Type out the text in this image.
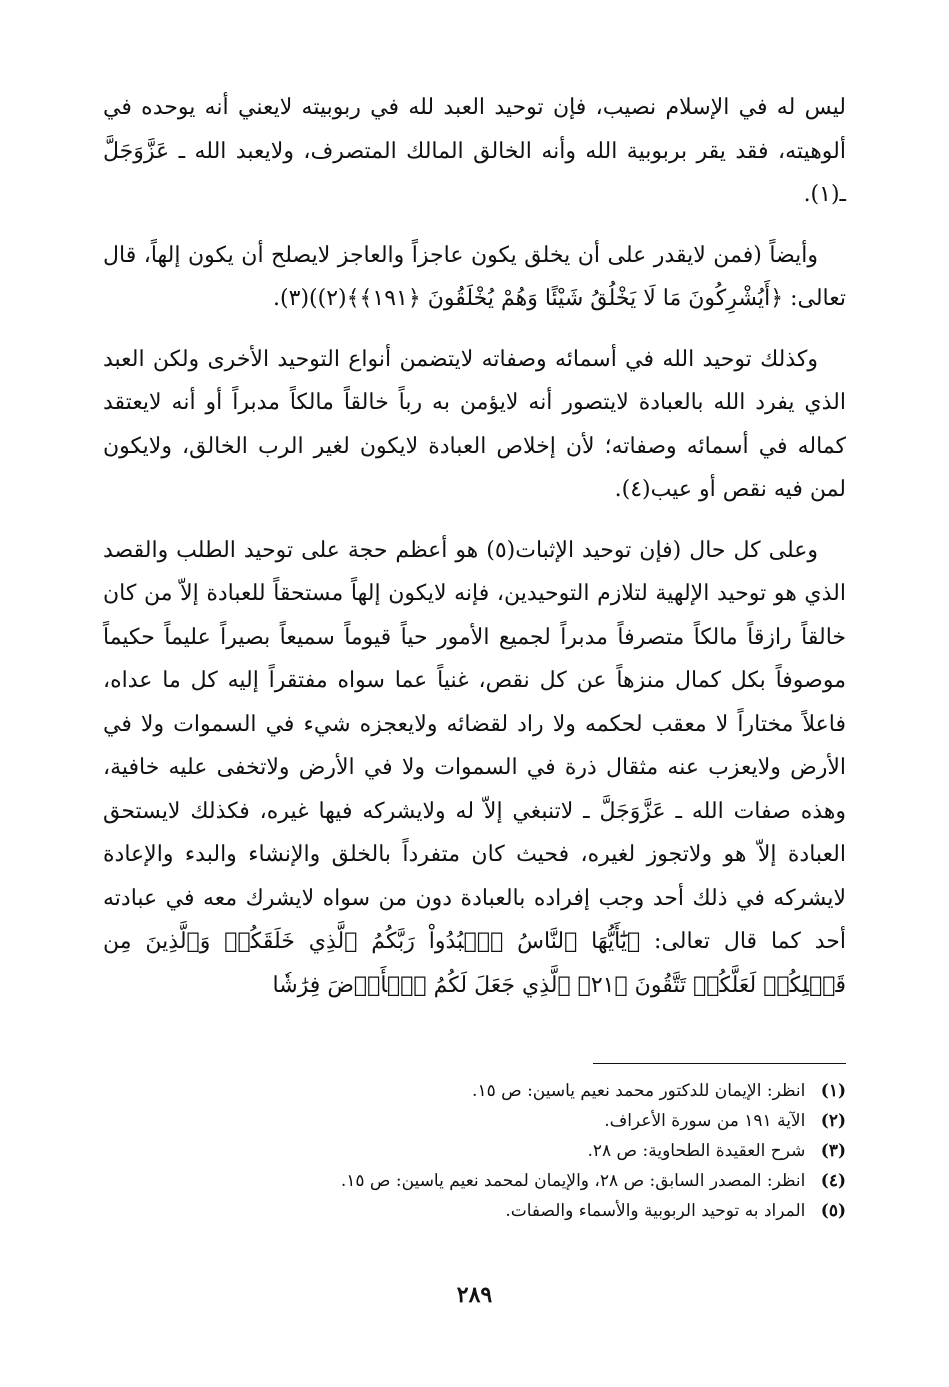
ليس له في الإسلام نصيب، فإن توحيد العبد لله في ربوبيته لايعني أنه يوحده في ألوهيته، فقد يقر بربوبية الله وأنه الخالق المالك المتصرف، ولايعبد الله ـ عَزَّوَجَلَّ ـ(١).

وأيضاً (فمن لايقدر على أن يخلق يكون عاجزاً والعاجز لايصلح أن يكون إلهاً، قال تعالى: ﴿أَيُشْرِكُونَ مَا لَا يَخْلُقُ شَيْئًا وَهُمْ يُخْلَقُونَ ﴿١٩١﴾﴾(٢))(٣).

وكذلك توحيد الله في أسمائه وصفاته لايتضمن أنواع التوحيد الأخرى ولكن العبد الذي يفرد الله بالعبادة لايتصور أنه لايؤمن به رباً خالقاً مالكاً مدبراً أو أنه لايعتقد كماله في أسمائه وصفاته؛ لأن إخلاص العبادة لايكون لغير الرب الخالق، ولايكون لمن فيه نقص أو عيب(٤).

وعلى كل حال (فإن توحيد الإثبات(٥) هو أعظم حجة على توحيد الطلب والقصد الذي هو توحيد الإلهية لتلازم التوحيدين، فإنه لايكون إلهاً مستحقاً للعبادة إلاّ من كان خالقاً رازقاً مالكاً متصرفاً مدبراً لجميع الأمور حياً قيوماً سميعاً بصيراً عليماً حكيماً موصوفاً بكل كمال منزهاً عن كل نقص، غنياً عما سواه مفتقراً إليه كل ما عداه، فاعلاً مختاراً لا معقب لحكمه ولا راد لقضائه ولايعجزه شيء في السموات ولا في الأرض ولايعزب عنه مثقال ذرة في السموات ولا في الأرض ولاتخفى عليه خافية، وهذه صفات الله ـ عَزَّوَجَلَّ ـ لاتنبغي إلاّ له ولايشركه فيها غيره، فكذلك لايستحق العبادة إلاّ هو ولاتجوز لغيره، فحيث كان متفرداً بالخلق والإنشاء والبدء والإعادة لايشركه في ذلك أحد وجب إفراده بالعبادة دون من سواه لايشرك معه في عبادته أحد كما قال تعالى: ﴿يَٰٓأَيُّهَا ٱلنَّاسُ ٱعۡبُدُواْ رَبَّكُمُ ٱلَّذِي خَلَقَكُمۡ وَٱلَّذِينَ مِن قَبۡلِكُمۡ لَعَلَّكُمۡ تَتَّقُونَ ﴿٢١﴾ ٱلَّذِي جَعَلَ لَكُمُ ٱلۡأَرۡضَ فِرَٰشٗا

(١) انظر: الإيمان للدكتور محمد نعيم ياسين: ص ١٥.
(٢) الآية ١٩١ من سورة الأعراف.
(٣) شرح العقيدة الطحاوية: ص ٢٨.
(٤) انظر: المصدر السابق: ص ٢٨، والإيمان لمحمد نعيم ياسين: ص ١٥.
(٥) المراد به توحيد الربوبية والأسماء والصفات.
٢٨٩
